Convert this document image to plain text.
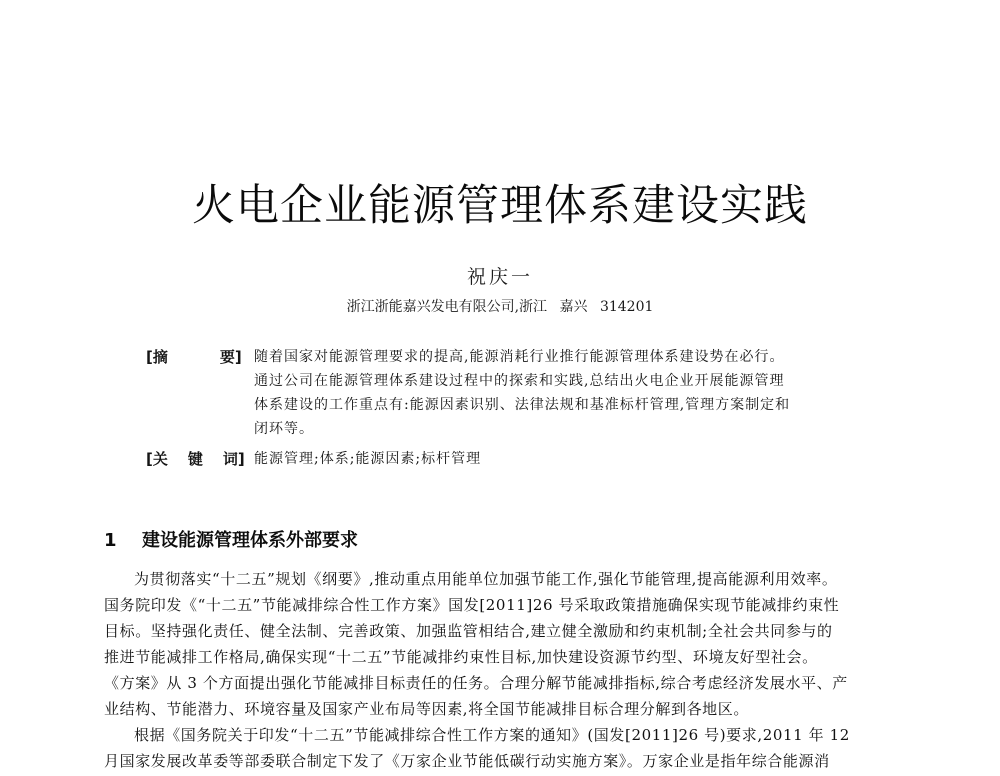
火电企业能源管理体系建设实践
祝庆一
浙江浙能嘉兴发电有限公司,浙江 嘉兴 314201
[摘	要] 随着国家对能源管理要求的提高,能源消耗行业推行能源管理体系建设势在必行。
通过公司在能源管理体系建设过程中的探索和实践,总结出火电企业开展能源管理
体系建设的工作重点有:能源因素识别、法律法规和基准标杆管理,管理方案制定和
闭环等。
[关 键 词] 能源管理;体系;能源因素;标杆管理
1 建设能源管理体系外部要求
为贯彻落实“十二五”规划《纲要》,推动重点用能单位加强节能工作,强化节能管理,提高能源利用效率。
国务院印发《“十二五”节能减排综合性工作方案》国发[2011]26 号采取政策措施确保实现节能减排约束性
目标。坚持强化责任、健全法制、完善政策、加强监管相结合,建立健全激励和约束机制;全社会共同参与的
推进节能减排工作格局,确保实现“十二五”节能减排约束性目标,加快建设资源节约型、环境友好型社会。
《方案》从 3 个方面提出强化节能减排目标责任的任务。合理分解节能减排指标,综合考虑经济发展水平、产
业结构、节能潜力、环境容量及国家产业布局等因素,将全国节能减排目标合理分解到各地区。
根据《国务院关于印发“十二五”节能减排综合性工作方案的通知》(国发[2011]26 号)要求,2011 年 12
月国家发展改革委等部委联合制定下发了《万家企业节能低碳行动实施方案》。万家企业是指年综合能源消
